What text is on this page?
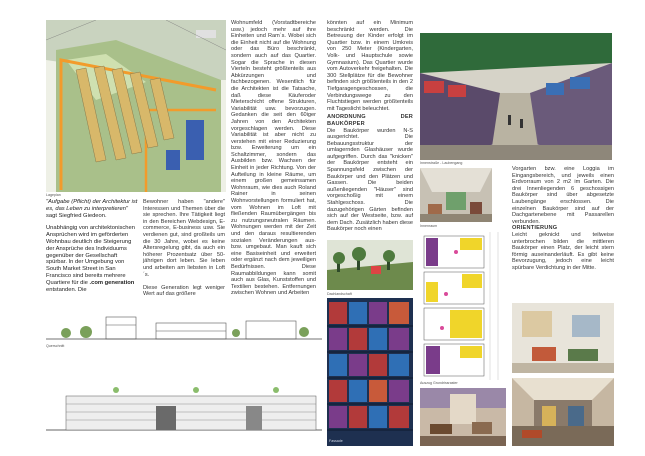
Lageplan
"Aufgabe (Pflicht) der Architektur ist es, das Leben zu interpretieren" sagt Siegfried Giedeon.
Unabhängig von architektonischen Ansprüchen wird im geförderten Wohnbau deutlich die Steigerung der Ansprüche des Individuums gegenüber der Gesellschaft spürbar. In der Umgebung von South Market Street in San Francisco sind bereits mehrere Quartiere für die .com generation entstanden. Die

Bewohner haben "andere" Interessen und Themen über die sie sprechen. Ihre Tätigkeit liegt in den Bereichen Webdesign, E-commerce, E-business usw. Sie verdienen gut, sind großteils um die 30 Jahre, wobei es keine Altersregelung gibt, da auch ein höherer Prozentsatz über 50-jährigen dort leben. Sie leben und arbeiten am liebsten in Loft´s.

Diese Generation legt weniger Wert auf das größere

Wohnumfeld (Vorstadtbereiche usw.) jedoch mehr auf ihre Einheiten und Ram´s. Wobei sich die Einheit nicht auf die Wohnung oder das Büro beschränkt, sondern auch auf das Quartier. Sogar die Sprache in diesen Vierteln besteht größtenteils aus Abkürzungen und fachbezogenen. Wesentlich für die Architekten ist die Tatsache, daß diese Käuferoder Mieterschicht offene Strukturen, Variabilität usw. bevorzugen. Gedanken die seit den 60iger Jahren von den Architekten vorgeschlagen werden. Diese Variabilität ist aber nicht zu verstehen mit einer Reduzierung bzw. Erweiterung um ein Schaltzimmer, sondern das Ausbilden bzw. Wachsen der Einheit in jeder Richtung. Von der Aufteilung in kleine Räume, um einem großen gemeinsamen Wohnraum, wie dies auch Roland Rainer in seinen Wohnvorstellungen formuliert hat, vom Wohnen im Loft mit fließenden Raumübergängen bis zu nutzungsneutralen Räumen. Wohnungen werden mit der Zeit und den daraus resultierenden sozialen Veränderungen aus- bzw. umgebaut. Man kauft sich eine Basiseinheit und erweitert oder ergänzt nach dem jeweiligen Bedürfnissen. Diese Raumabbildungen kann somit auch aus Glas, Kunststoffen und Textilien bestehen. Entfernungen zwischen Wohnen und Arbeiten

könnten auf ein Minimum beschränkt werden. Die Betreuung der Kinder erfolgt im Quartier bzw. in einem Umkreis von 250 Meter (Kindergarten, Volk- und Hauptschule sowie Gymnasium). Das Quartier wurde vom Autoverkehr freigehalten. Die 300 Stellplätze für die Bewohner befinden sich größtenteils in den 2 Tiefgaragengeschossen, die Verbindungswege zu den Fluchtstiegen werden größtenteils mit Tageslicht beleuchtet.

ANORDNUNG DER BAUKÖRPER

Die Baukörper wurden N-S ausgerichtet. Die Bebauungsstruktur der umlagernden Glashäuser wurde aufgegriffen. Durch das "knicken" der Baukörper entsteht ein Spannungsfeld zwischen der Baukörper und den Plätzen und Gassen. Die beiden außenliegenden "Häuser" sind vorgeschoßig mit einem Stahlgeschoss. Die dazugehörigen Gärten befinden sich auf der Westseite, bzw. auf dem Dach. Zusätzlich haben diese Baukörper noch einen

Querschnitt
Innenstraße - Laubengang
Innenraum

Vorgarten bzw. eine Loggia im Eingangsbereich, und jeweils einen Erdvorraum von 2 m2 im Garten. Die drei Innenliegenden 6 geschossigen Baukörper sind über abgesetzte Laubengänge erschlossen. Die einzelnen Baukörper sind auf der Dachgartenebene mit Passarellen verbunden.

ORIENTIERUNG

Leicht geknickt und teilweise unterbrochen bilden die mittleren Baukörper einen Platz, der leicht stern förmig auseinanderläuft. Es gibt keine Bevorzugung, jedoch eine leicht spürbare Verdichtung in der Mitte.

Dachlandschaft
Fassade
Auszug Grundrissraster
